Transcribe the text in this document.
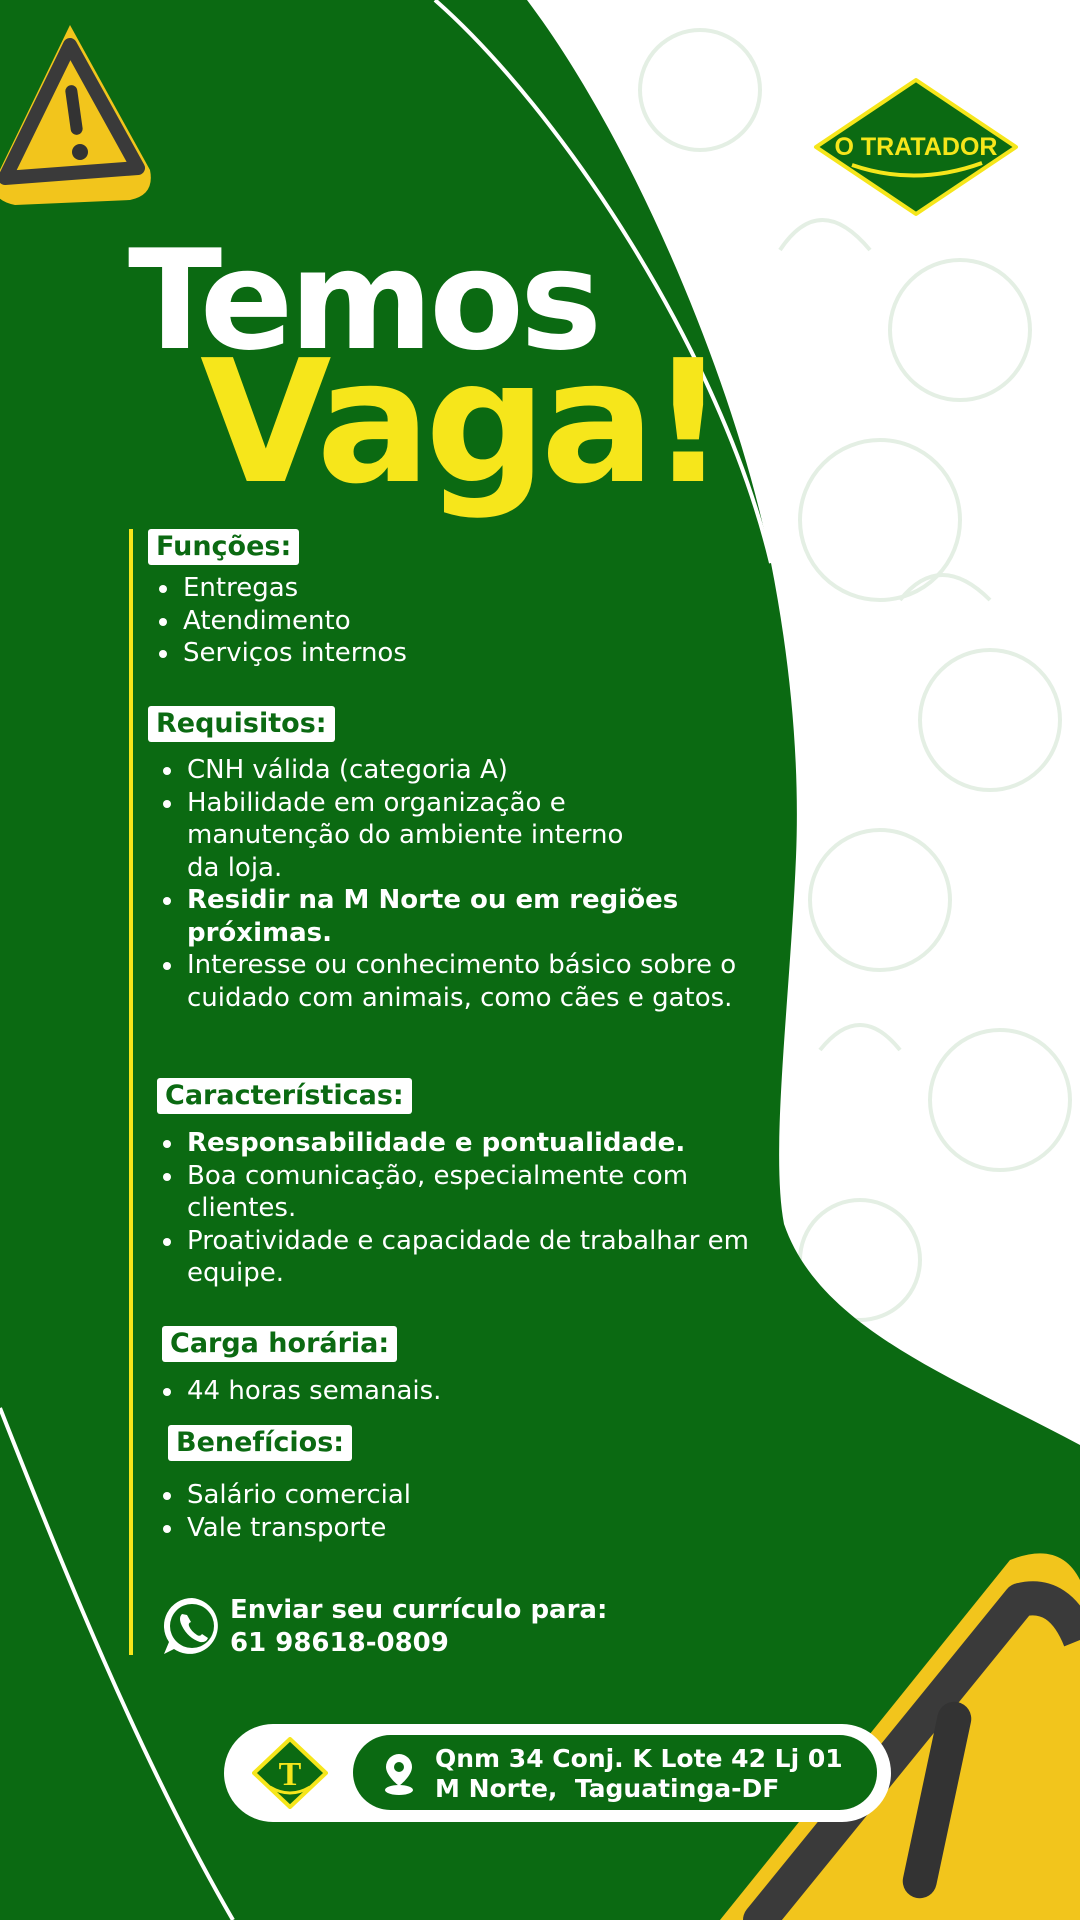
O TRATADOR
Temos
Vaga!
Funções:
Entregas
Atendimento
Serviços internos
Requisitos:
CNH válida (categoria A)
Habilidade em organização e manutenção do ambiente interno da loja.
Residir na M Norte ou em regiões próximas.
Interesse ou conhecimento básico sobre o cuidado com animais, como cães e gatos.
Características:
Responsabilidade e pontualidade.
Boa comunicação, especialmente com clientes.
Proatividade e capacidade de trabalhar em equipe.
Carga horária:
44 horas semanais.
Benefícios:
Salário comercial
Vale transporte
Enviar seu currículo para:
61 98618-0809
T	Qnm 34 Conj. K Lote 42 Lj 01
M Norte,  Taguatinga-DF
